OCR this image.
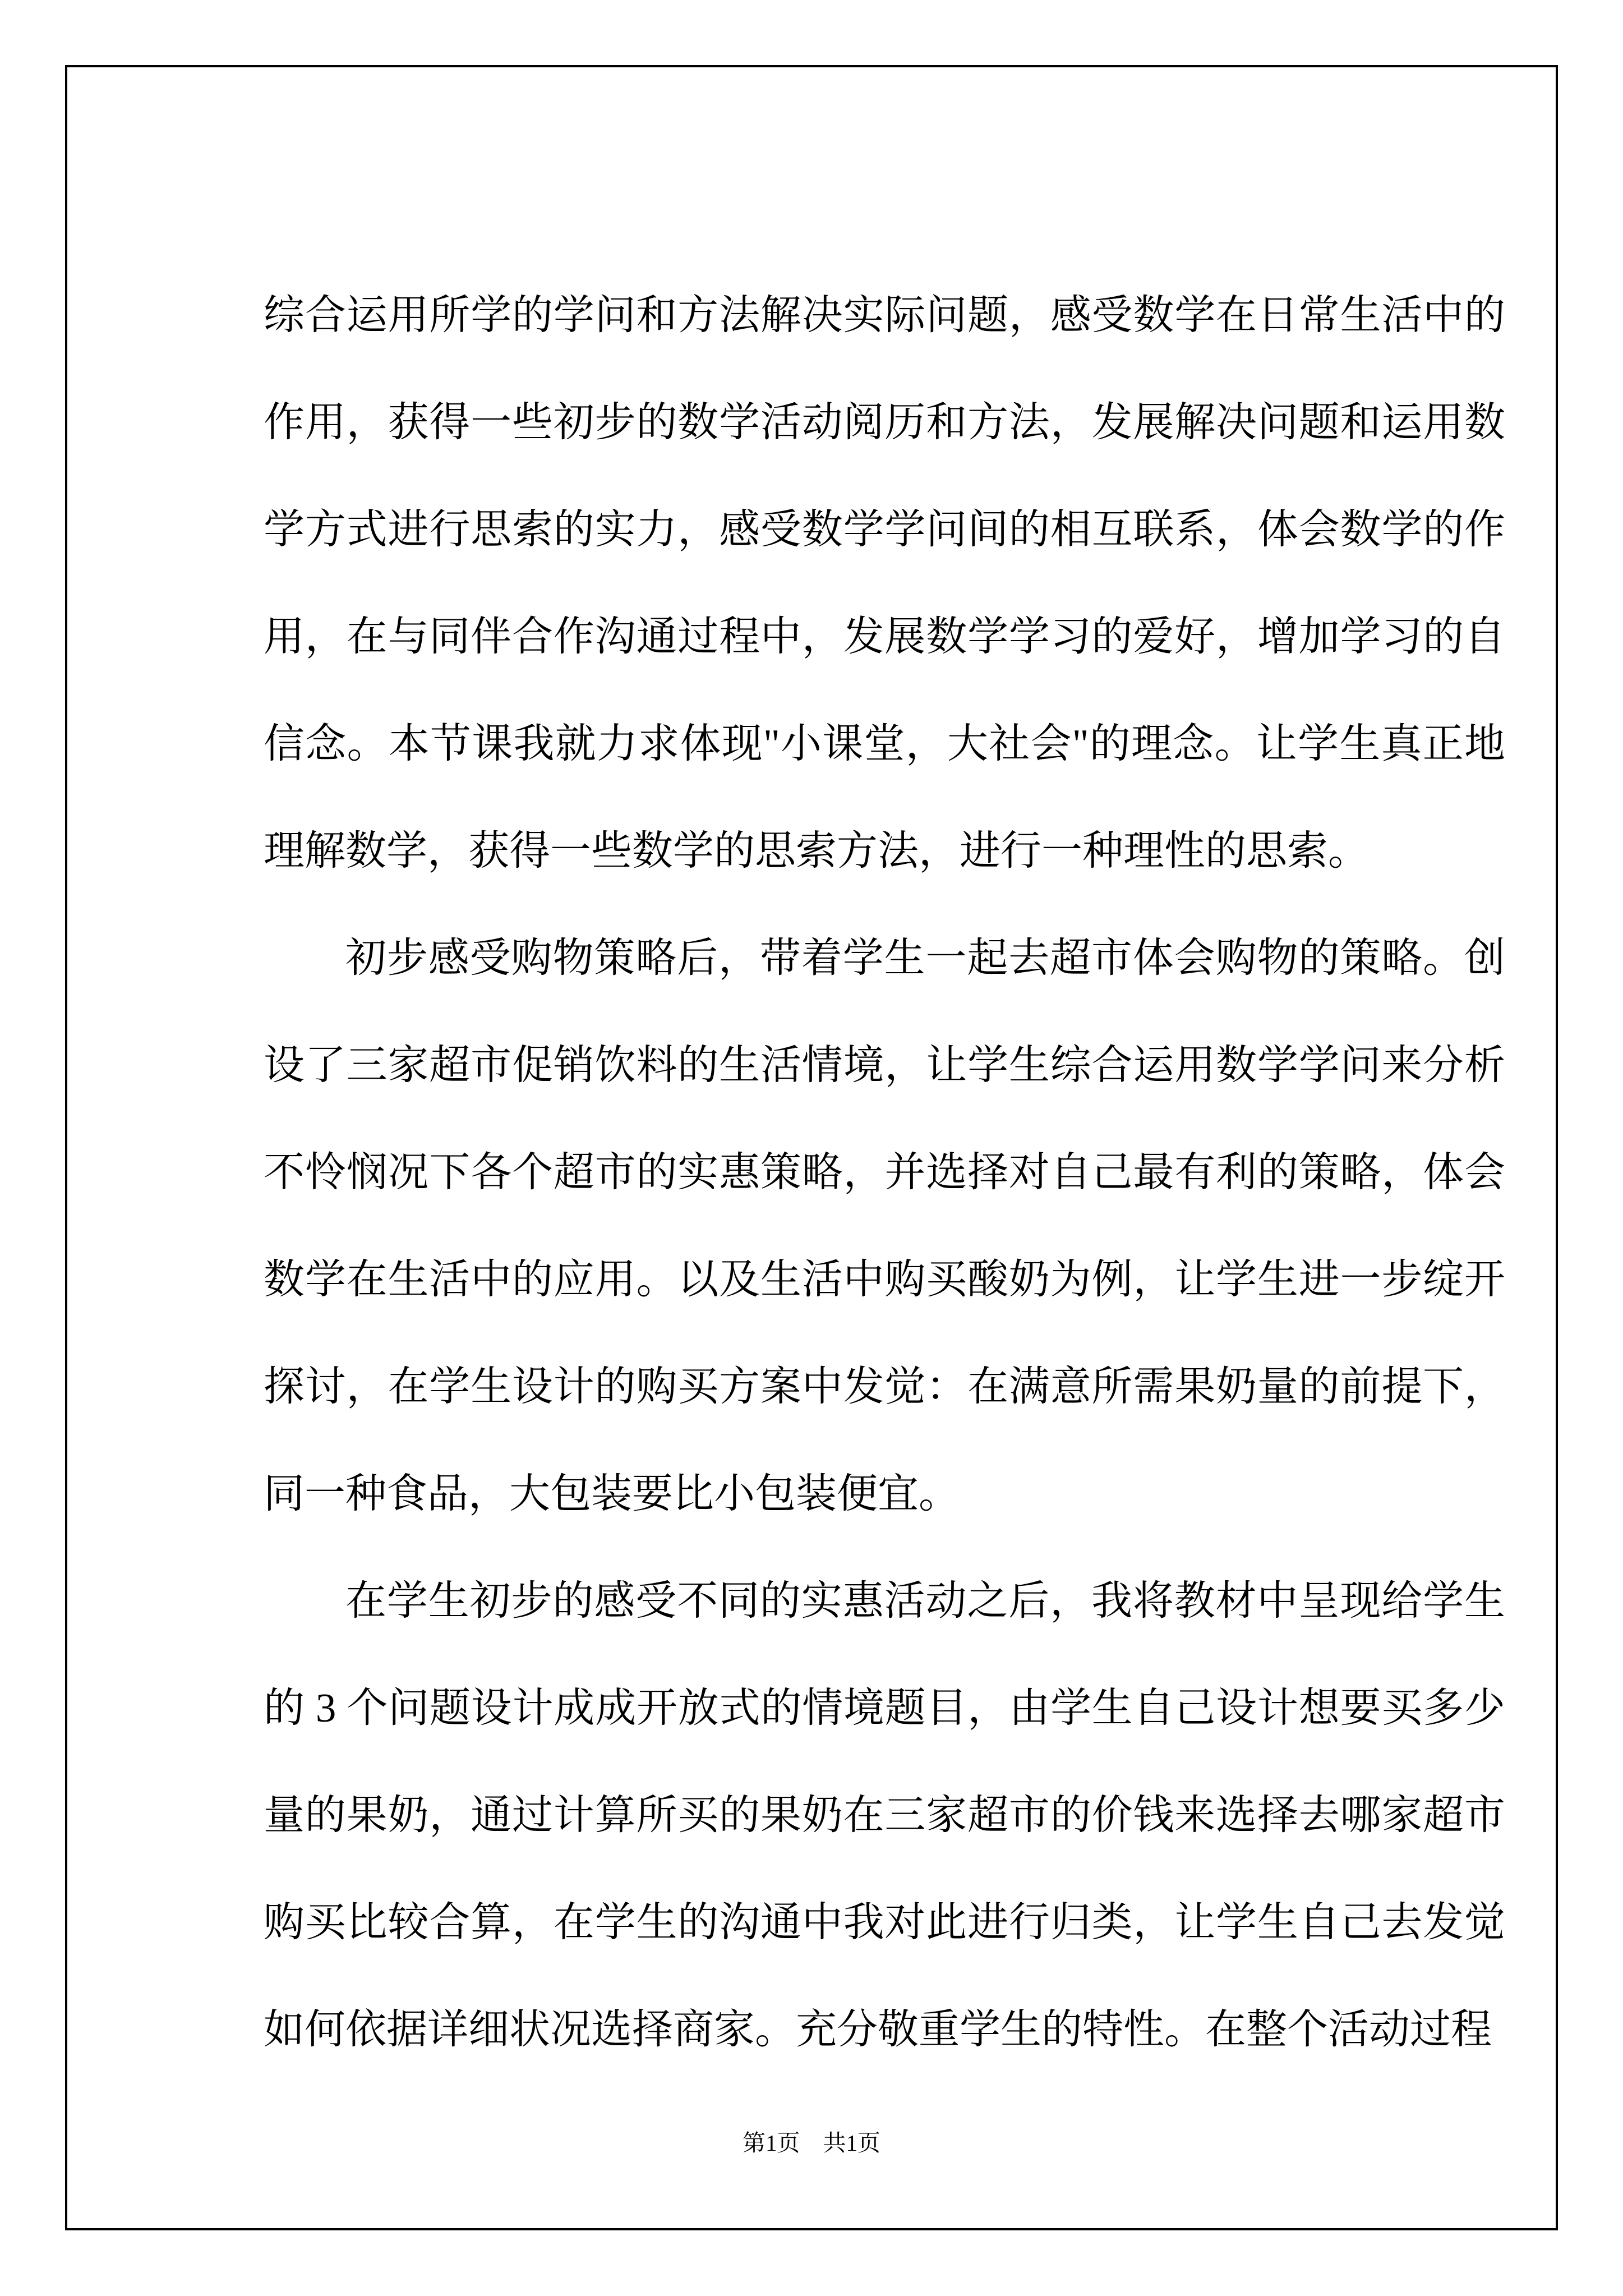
综合运用所学的学问和方法解决实际问题，感受数学在日常生活中的作用，获得一些初步的数学活动阅历和方法，发展解决问题和运用数学方式进行思索的实力，感受数学学问间的相互联系，体会数学的作用，在与同伴合作沟通过程中，发展数学学习的爱好，增加学习的自信念。本节课我就力求体现"小课堂，大社会"的理念。让学生真正地理解数学，获得一些数学的思索方法，进行一种理性的思索。

初步感受购物策略后，带着学生一起去超市体会购物的策略。创设了三家超市促销饮料的生活情境，让学生综合运用数学学问来分析不怜悯况下各个超市的实惠策略，并选择对自己最有利的策略，体会数学在生活中的应用。以及生活中购买酸奶为例，让学生进一步绽开探讨，在学生设计的购买方案中发觉：在满意所需果奶量的前提下，同一种食品，大包装要比小包装便宜。

在学生初步的感受不同的实惠活动之后，我将教材中呈现给学生的 3 个问题设计成成开放式的情境题目，由学生自己设计想要买多少量的果奶，通过计算所买的果奶在三家超市的价钱来选择去哪家超市购买比较合算，在学生的沟通中我对此进行归类，让学生自己去发觉如何依据详细状况选择商家。充分敬重学生的特性。在整个活动过程

第1页　共1页
